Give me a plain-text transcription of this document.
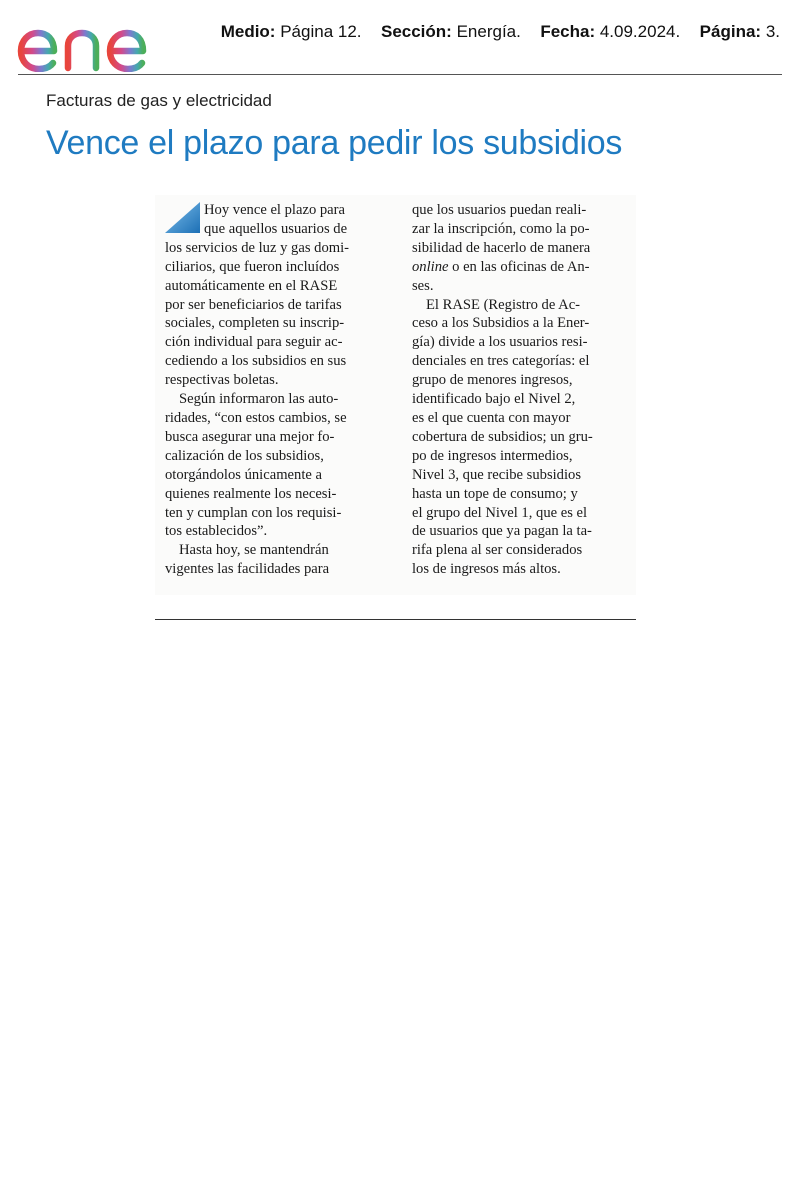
Medio: Página 12. Sección: Energía. Fecha: 4.09.2024. Página: 3.
Facturas de gas y electricidad
Vence el plazo para pedir los subsidios

Hoy vence el plazo para
que aquellos usuarios de
los servicios de luz y gas domi-
ciliarios, que fueron incluídos
automáticamente en el RASE
por ser beneficiarios de tarifas
sociales, completen su inscrip-
ción individual para seguir ac-
cediendo a los subsidios en sus
respectivas boletas.

Según informaron las auto-
ridades, “con estos cambios, se
busca asegurar una mejor fo-
calización de los subsidios,
otorgándolos únicamente a
quienes realmente los necesi-
ten y cumplan con los requisi-
tos establecidos”.

Hasta hoy, se mantendrán
vigentes las facilidades para

que los usuarios puedan reali-
zar la inscripción, como la po-
sibilidad de hacerlo de manera
online o en las oficinas de An-
ses.

El RASE (Registro de Ac-
ceso a los Subsidios a la Ener-
gía) divide a los usuarios resi-
denciales en tres categorías: el
grupo de menores ingresos,
identificado bajo el Nivel 2,
es el que cuenta con mayor
cobertura de subsidios; un gru-
po de ingresos intermedios,
Nivel 3, que recibe subsidios
hasta un tope de consumo; y
el grupo del Nivel 1, que es el
de usuarios que ya pagan la ta-
rifa plena al ser considerados
los de ingresos más altos.
